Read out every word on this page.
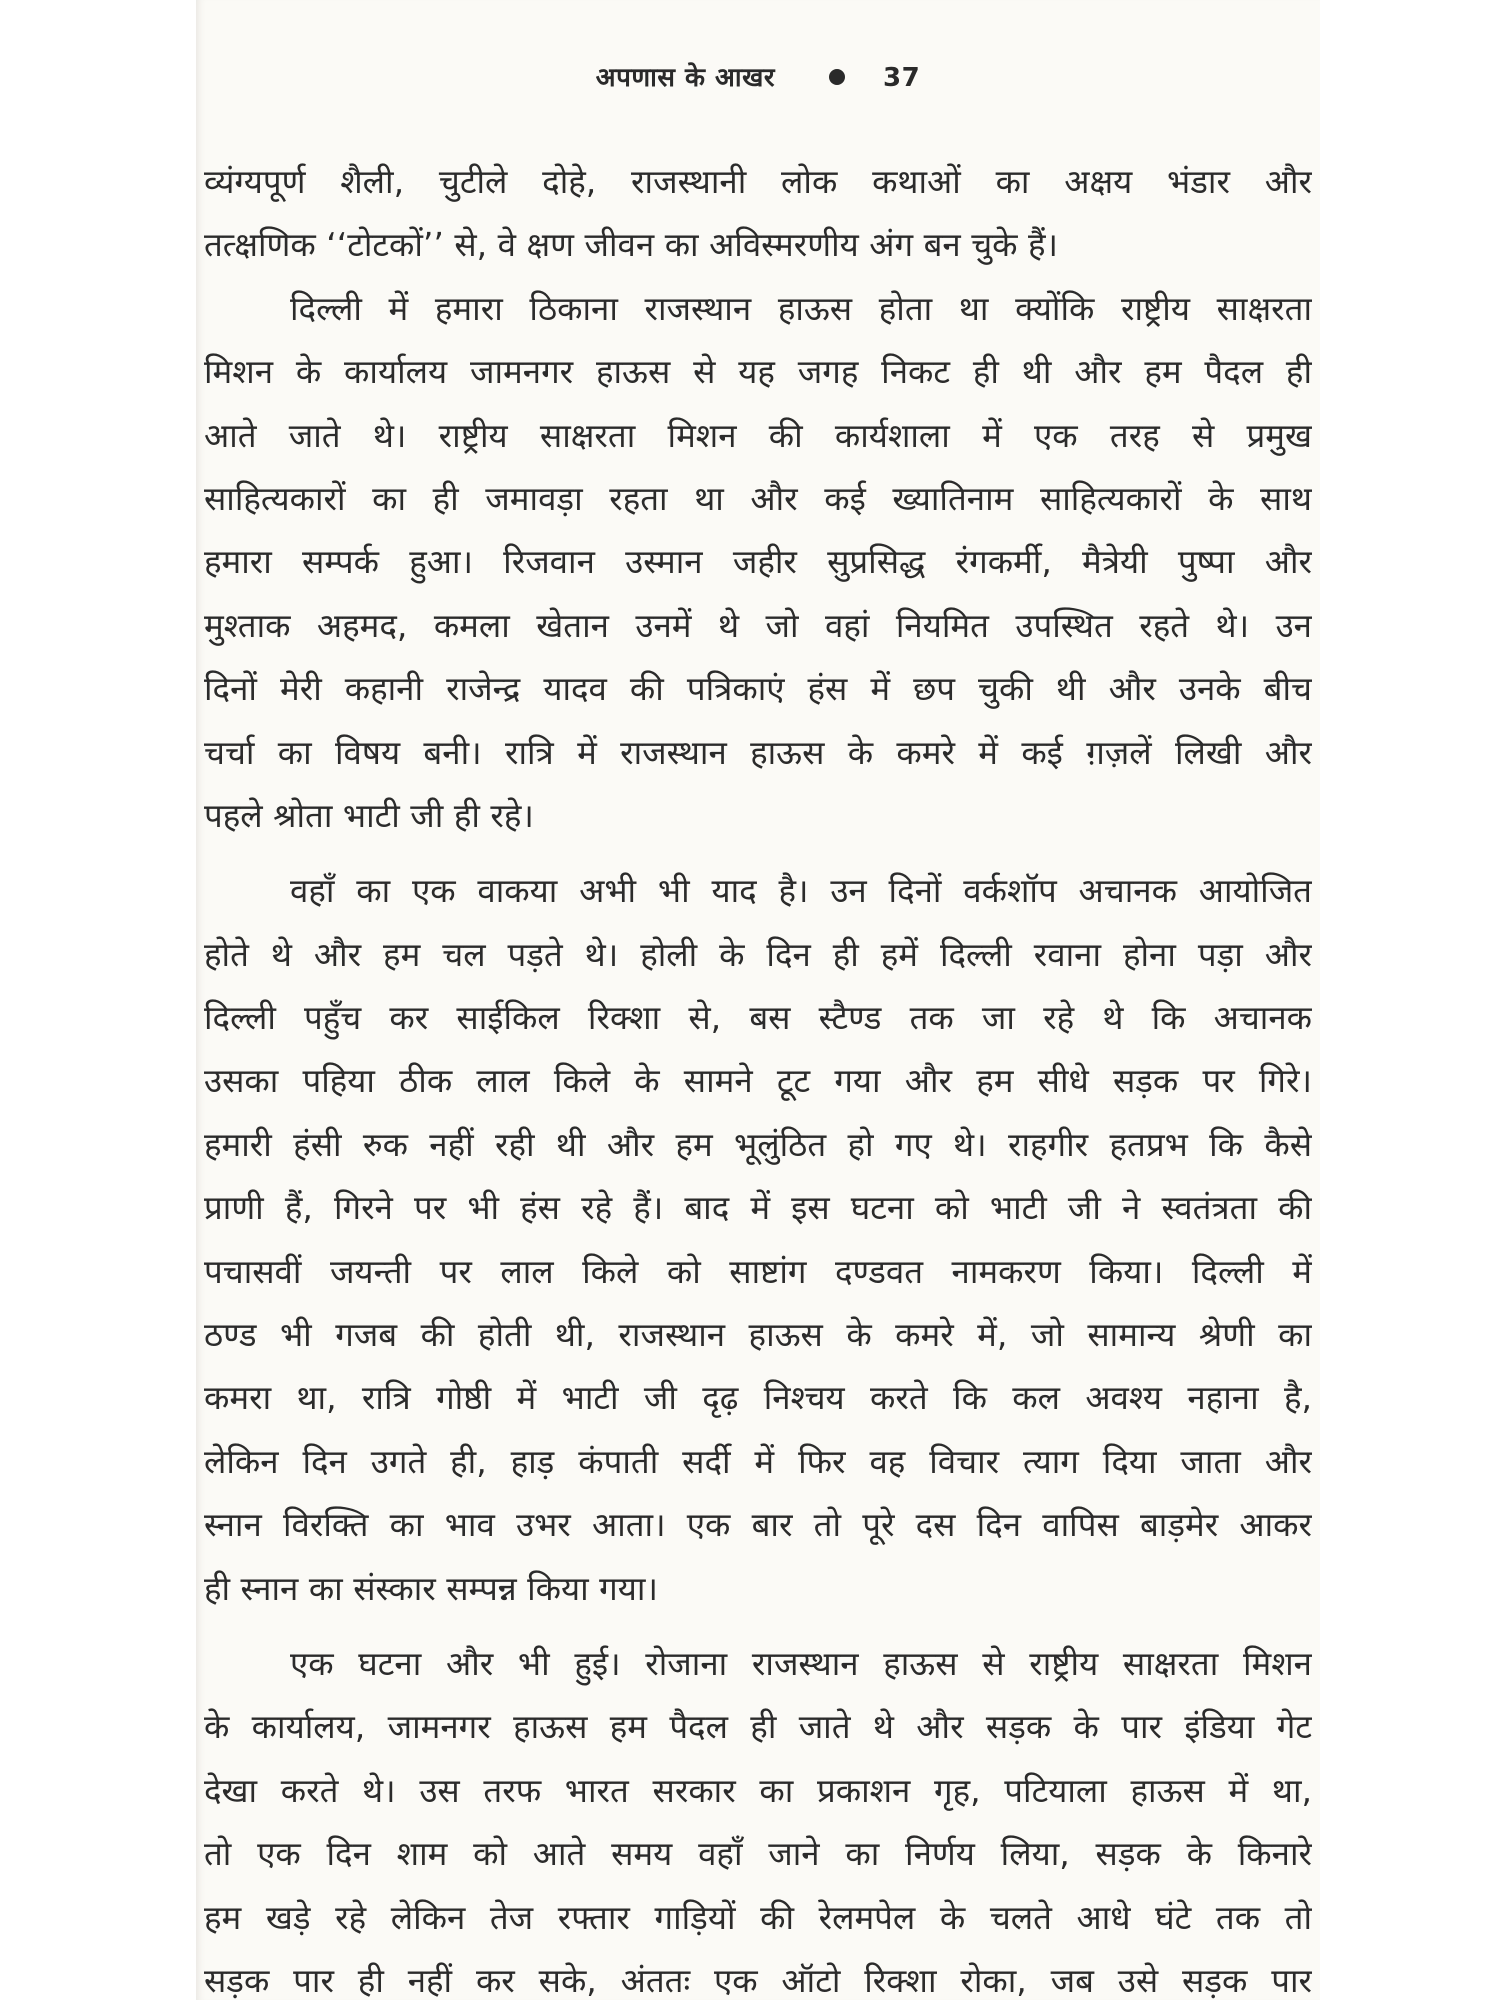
अपणास के आखर	37
व्यंग्यपूर्ण शैली, चुटीले दोहे, राजस्थानी लोक कथाओं का अक्षय भंडार और
तत्क्षणिक ‘‘टोटकों’’ से, वे क्षण जीवन का अविस्मरणीय अंग बन चुके हैं।
दिल्ली में हमारा ठिकाना राजस्थान हाऊस होता था क्योंकि राष्ट्रीय साक्षरता
मिशन के कार्यालय जामनगर हाऊस से यह जगह निकट ही थी और हम पैदल ही
आते जाते थे। राष्ट्रीय साक्षरता मिशन की कार्यशाला में एक तरह से प्रमुख
साहित्यकारों का ही जमावड़ा रहता था और कई ख्यातिनाम साहित्यकारों के साथ
हमारा सम्पर्क हुआ। रिजवान उस्मान जहीर सुप्रसिद्ध रंगकर्मी, मैत्रेयी पुष्पा और
मुश्ताक अहमद, कमला खेतान उनमें थे जो वहां नियमित उपस्थित रहते थे। उन
दिनों मेरी कहानी राजेन्द्र यादव की पत्रिकाएं हंस में छप चुकी थी और उनके बीच
चर्चा का विषय बनी। रात्रि में राजस्थान हाऊस के कमरे में कई ग़ज़लें लिखी और
पहले श्रोता भाटी जी ही रहे।
वहाँ का एक वाकया अभी भी याद है। उन दिनों वर्कशॉप अचानक आयोजित
होते थे और हम चल पड़ते थे। होली के दिन ही हमें दिल्ली रवाना होना पड़ा और
दिल्ली पहुँच कर साईकिल रिक्शा से, बस स्टैण्ड तक जा रहे थे कि अचानक
उसका पहिया ठीक लाल किले के सामने टूट गया और हम सीधे सड़क पर गिरे।
हमारी हंसी रुक नहीं रही थी और हम भूलुंठित हो गए थे। राहगीर हतप्रभ कि कैसे
प्राणी हैं, गिरने पर भी हंस रहे हैं। बाद में इस घटना को भाटी जी ने स्वतंत्रता की
पचासवीं जयन्ती पर लाल किले को साष्टांग दण्डवत नामकरण किया। दिल्ली में
ठण्ड भी गजब की होती थी, राजस्थान हाऊस के कमरे में, जो सामान्य श्रेणी का
कमरा था, रात्रि गोष्ठी में भाटी जी दृढ़ निश्चय करते कि कल अवश्य नहाना है,
लेकिन दिन उगते ही, हाड़ कंपाती सर्दी में फिर वह विचार त्याग दिया जाता और
स्नान विरक्ति का भाव उभर आता। एक बार तो पूरे दस दिन वापिस बाड़मेर आकर
ही स्नान का संस्कार सम्पन्न किया गया।
एक घटना और भी हुई। रोजाना राजस्थान हाऊस से राष्ट्रीय साक्षरता मिशन
के कार्यालय, जामनगर हाऊस हम पैदल ही जाते थे और सड़क के पार इंडिया गेट
देखा करते थे। उस तरफ भारत सरकार का प्रकाशन गृह, पटियाला हाऊस में था,
तो एक दिन शाम को आते समय वहाँ जाने का निर्णय लिया, सड़क के किनारे
हम खड़े रहे लेकिन तेज रफ्तार गाड़ियों की रेलमपेल के चलते आधे घंटे तक तो
सड़क पार ही नहीं कर सके, अंततः एक ऑटो रिक्शा रोका, जब उसे सड़क पार
